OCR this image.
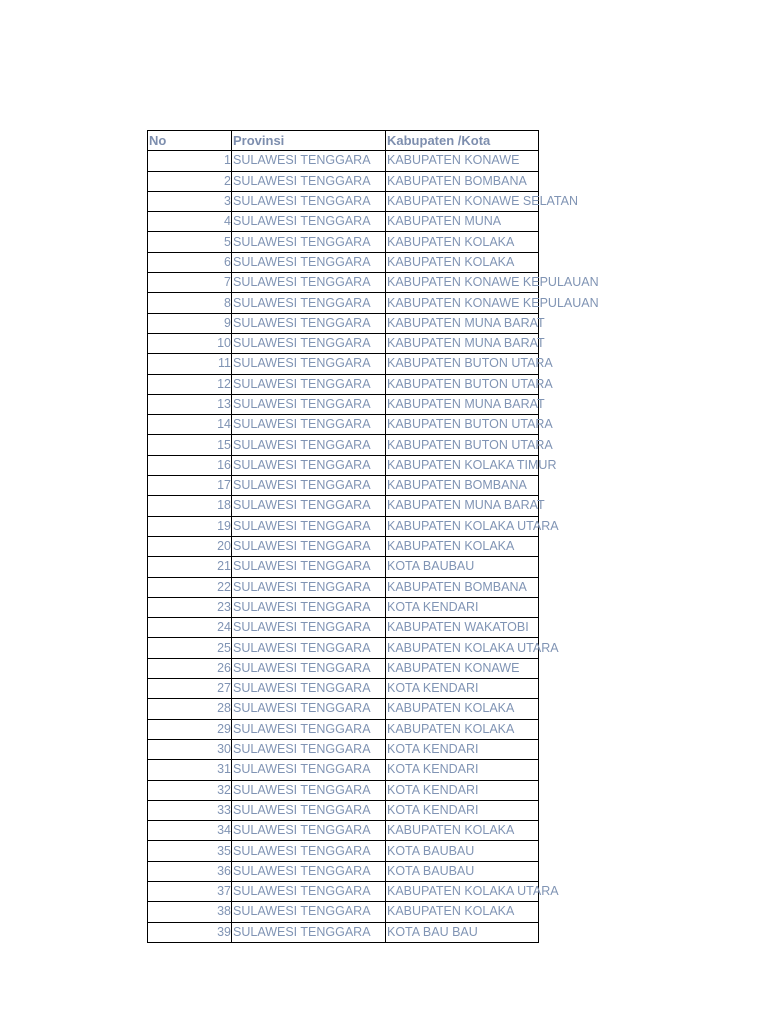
No	Provinsi	Kabupaten /Kota
1	SULAWESI TENGGARA	KABUPATEN KONAWE
2	SULAWESI TENGGARA	KABUPATEN BOMBANA
3	SULAWESI TENGGARA	KABUPATEN KONAWE SELATAN
4	SULAWESI TENGGARA	KABUPATEN MUNA
5	SULAWESI TENGGARA	KABUPATEN KOLAKA
6	SULAWESI TENGGARA	KABUPATEN KOLAKA
7	SULAWESI TENGGARA	KABUPATEN KONAWE KEPULAUAN
8	SULAWESI TENGGARA	KABUPATEN KONAWE KEPULAUAN
9	SULAWESI TENGGARA	KABUPATEN MUNA BARAT
10	SULAWESI TENGGARA	KABUPATEN MUNA BARAT
11	SULAWESI TENGGARA	KABUPATEN BUTON UTARA
12	SULAWESI TENGGARA	KABUPATEN BUTON UTARA
13	SULAWESI TENGGARA	KABUPATEN MUNA BARAT
14	SULAWESI TENGGARA	KABUPATEN BUTON UTARA
15	SULAWESI TENGGARA	KABUPATEN BUTON UTARA
16	SULAWESI TENGGARA	KABUPATEN KOLAKA TIMUR
17	SULAWESI TENGGARA	KABUPATEN BOMBANA
18	SULAWESI TENGGARA	KABUPATEN MUNA BARAT
19	SULAWESI TENGGARA	KABUPATEN KOLAKA UTARA
20	SULAWESI TENGGARA	KABUPATEN KOLAKA
21	SULAWESI TENGGARA	KOTA BAUBAU
22	SULAWESI TENGGARA	KABUPATEN BOMBANA
23	SULAWESI TENGGARA	KOTA KENDARI
24	SULAWESI TENGGARA	KABUPATEN WAKATOBI
25	SULAWESI TENGGARA	KABUPATEN KOLAKA UTARA
26	SULAWESI TENGGARA	KABUPATEN KONAWE
27	SULAWESI TENGGARA	KOTA KENDARI
28	SULAWESI TENGGARA	KABUPATEN KOLAKA
29	SULAWESI TENGGARA	KABUPATEN KOLAKA
30	SULAWESI TENGGARA	KOTA KENDARI
31	SULAWESI TENGGARA	KOTA KENDARI
32	SULAWESI TENGGARA	KOTA KENDARI
33	SULAWESI TENGGARA	KOTA KENDARI
34	SULAWESI TENGGARA	KABUPATEN KOLAKA
35	SULAWESI TENGGARA	KOTA BAUBAU
36	SULAWESI TENGGARA	KOTA BAUBAU
37	SULAWESI TENGGARA	KABUPATEN KOLAKA UTARA
38	SULAWESI TENGGARA	KABUPATEN KOLAKA
39	SULAWESI TENGGARA	KOTA BAU BAU
